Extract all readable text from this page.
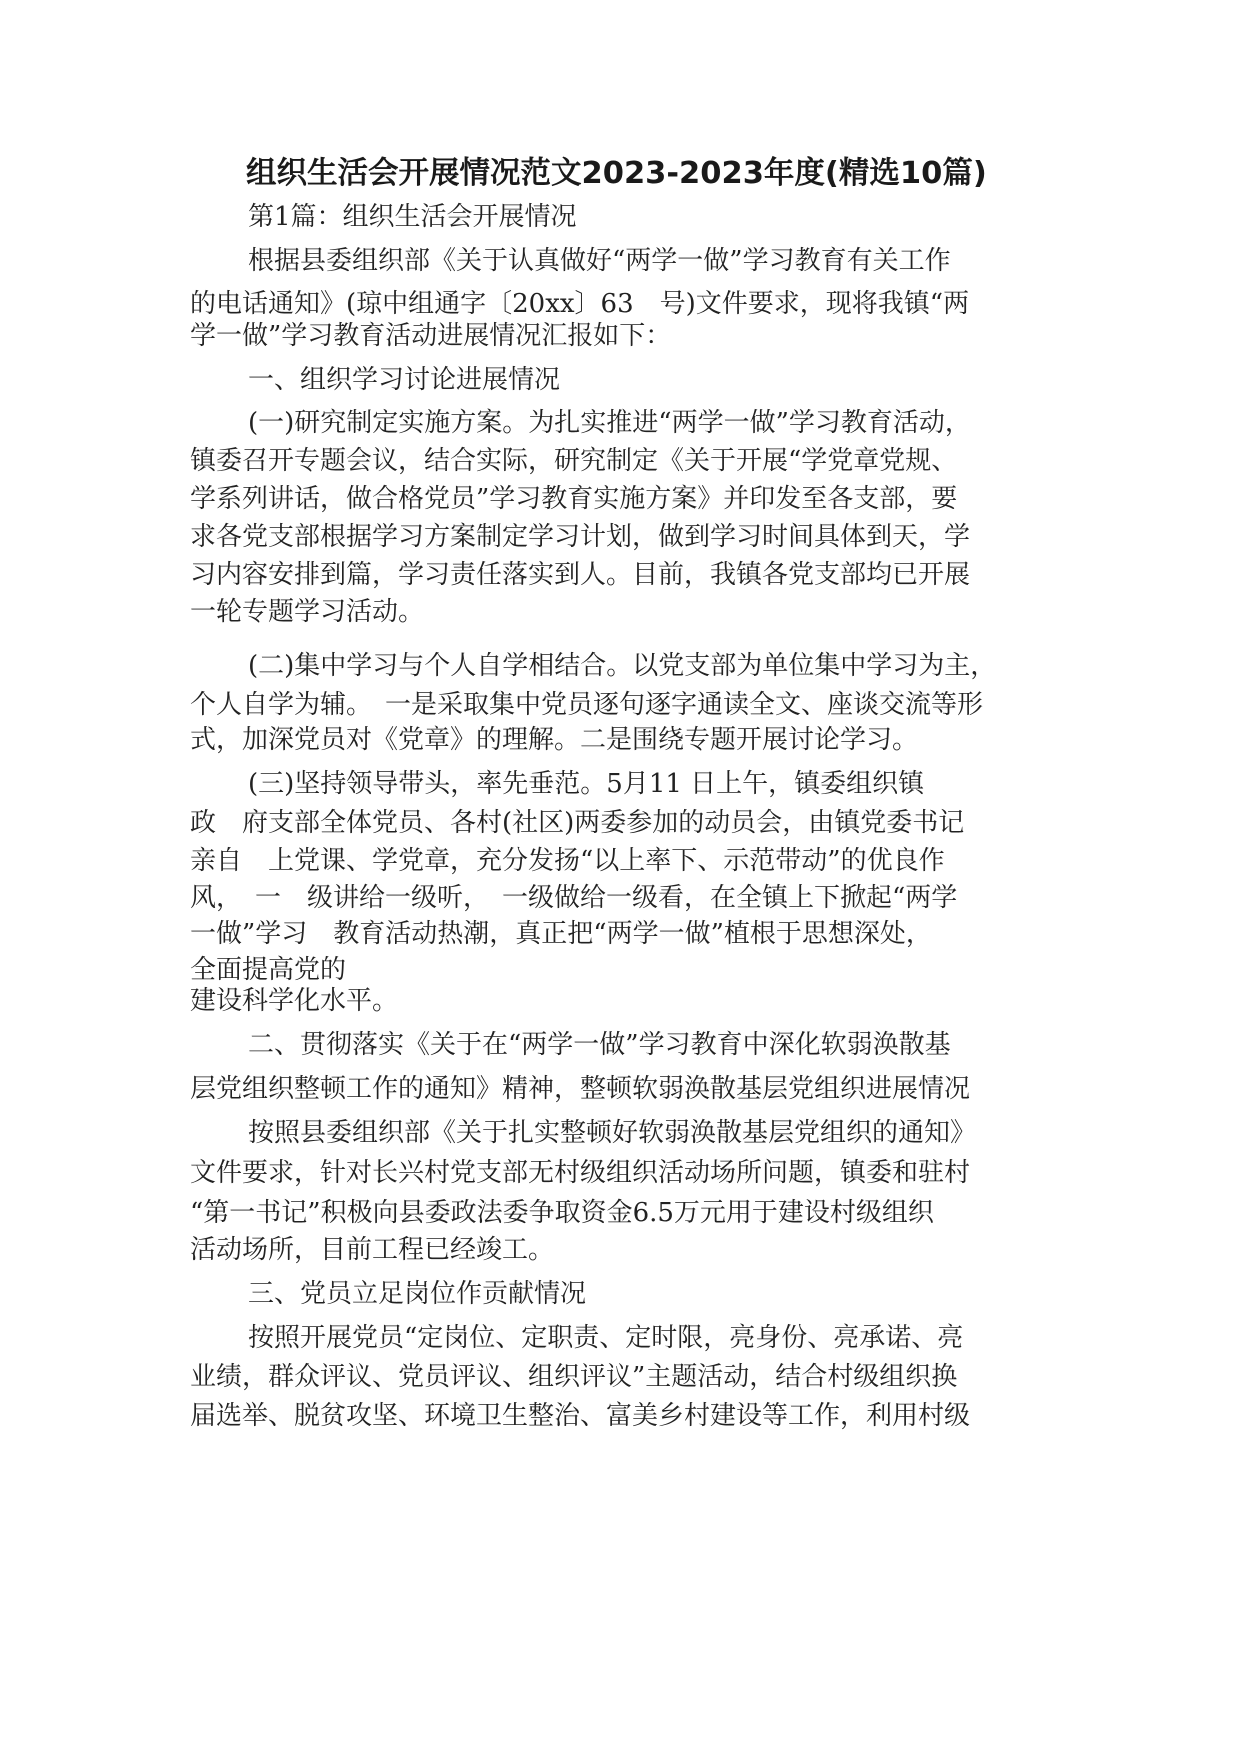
组织生活会开展情况范文2023-2023年度(精选10篇)
第1篇：组织生活会开展情况
根据县委组织部《关于认真做好“两学一做”学习教育有关工作
的电话通知》(琼中组通字〔20xx〕63　号)文件要求，现将我镇“两
学一做”学习教育活动进展情况汇报如下：
一、组织学习讨论进展情况
(一)研究制定实施方案。为扎实推进“两学一做”学习教育活动，
镇委召开专题会议，结合实际，研究制定《关于开展“学党章党规、
学系列讲话，做合格党员”学习教育实施方案》并印发至各支部，要
求各党支部根据学习方案制定学习计划，做到学习时间具体到天，学
习内容安排到篇，学习责任落实到人。目前，我镇各党支部均已开展
一轮专题学习活动。
(二)集中学习与个人自学相结合。以党支部为单位集中学习为主，
个人自学为辅。　一是采取集中党员逐句逐字通读全文、座谈交流等形
式，加深党员对《党章》的理解。二是围绕专题开展讨论学习。
(三)坚持领导带头，率先垂范。5月11 日上午，镇委组织镇
政　府支部全体党员、各村(社区)两委参加的动员会，由镇党委书记
亲自　上党课、学党章，充分发扬“以上率下、示范带动”的优良作
风，　一　级讲给一级听，　一级做给一级看，在全镇上下掀起“两学
一做”学习　教育活动热潮，真正把“两学一做”植根于思想深处，
全面提高党的
建设科学化水平。
二、贯彻落实《关于在“两学一做”学习教育中深化软弱涣散基
层党组织整顿工作的通知》精神，整顿软弱涣散基层党组织进展情况
按照县委组织部《关于扎实整顿好软弱涣散基层党组织的通知》
文件要求，针对长兴村党支部无村级组织活动场所问题，镇委和驻村
“第一书记”积极向县委政法委争取资金6.5万元用于建设村级组织
活动场所，目前工程已经竣工。
三、党员立足岗位作贡献情况
按照开展党员“定岗位、定职责、定时限，亮身份、亮承诺、亮
业绩，群众评议、党员评议、组织评议”主题活动，结合村级组织换
届选举、脱贫攻坚、环境卫生整治、富美乡村建设等工作，利用村级
